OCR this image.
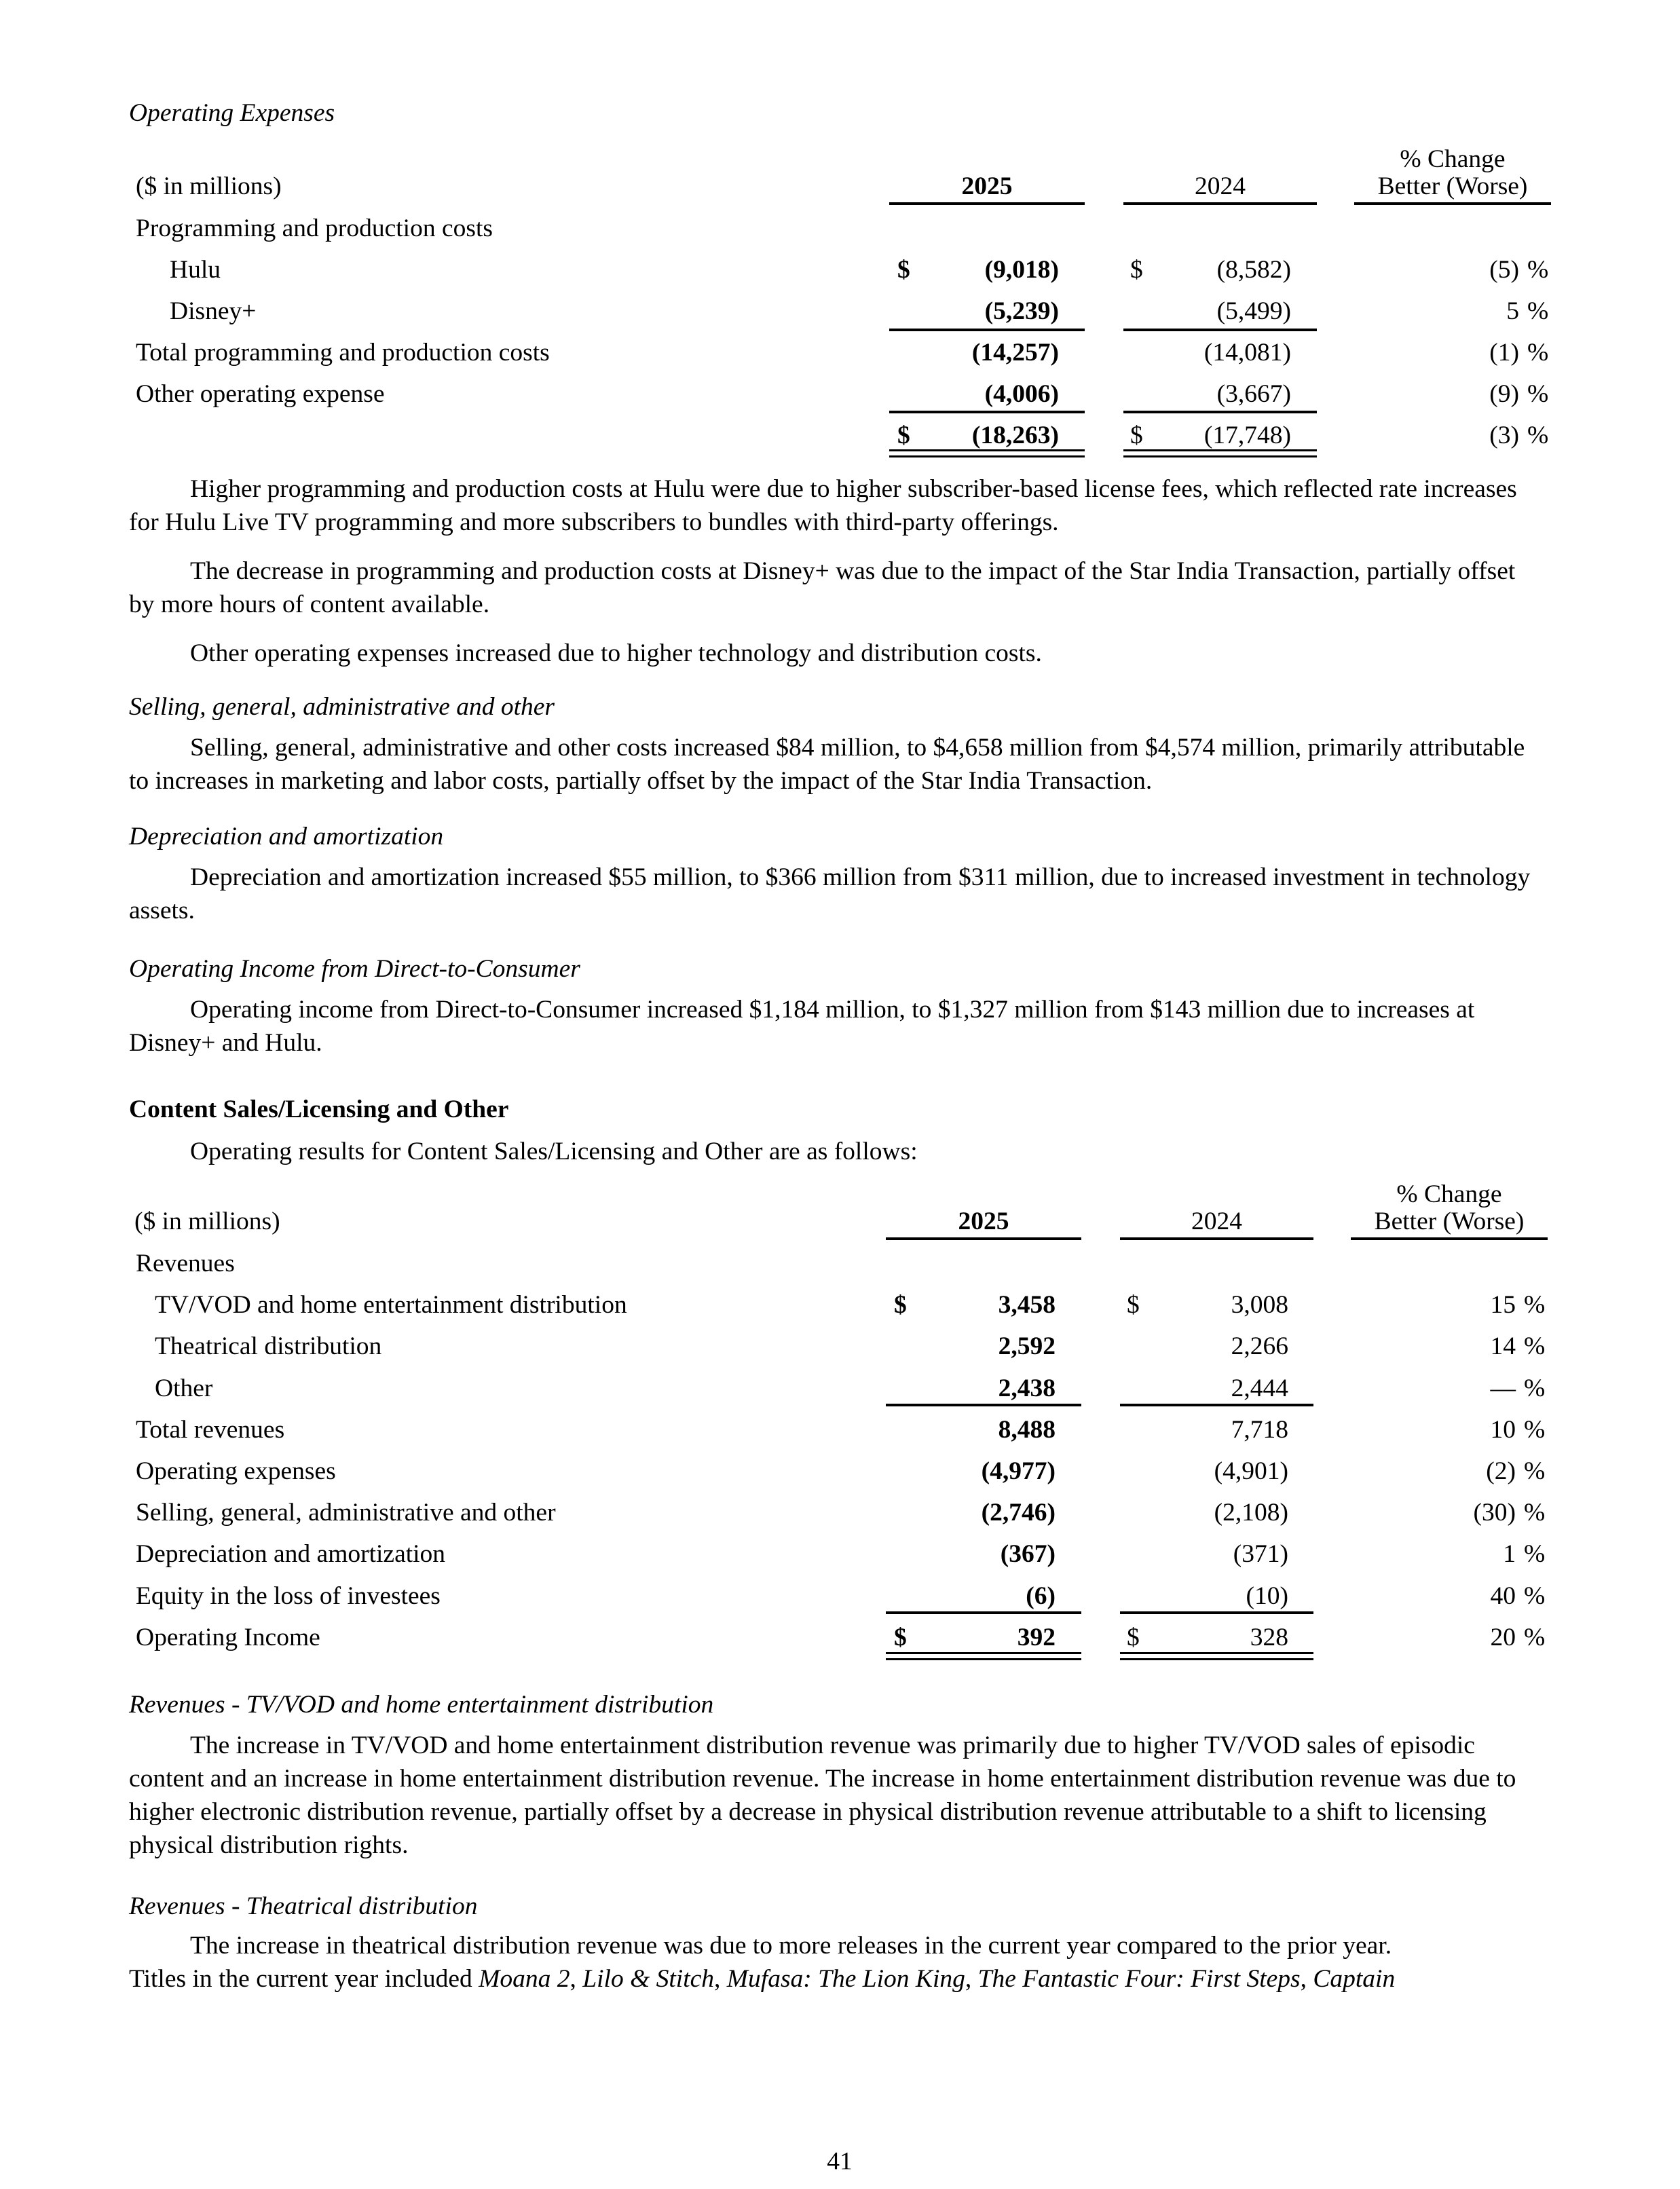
Operating Expenses
% Change
($ in millions)	2025	2024	Better (Worse)
Programming and production costs
Hulu	$	(9,018)	$	(8,582)	(5) %
Disney+	(5,239)	(5,499)	5 %
Total programming and production costs	(14,257)	(14,081)	(1) %
Other operating expense	(4,006)	(3,667)	(9) %
$	(18,263)	$	(17,748)	(3) %
Higher programming and production costs at Hulu were due to higher subscriber-based license fees, which reflected rate increases for Hulu Live TV programming and more subscribers to bundles with third-party offerings.
The decrease in programming and production costs at Disney+ was due to the impact of the Star India Transaction, partially offset by more hours of content available.
Other operating expenses increased due to higher technology and distribution costs.
Selling, general, administrative and other
Selling, general, administrative and other costs increased $84 million, to $4,658 million from $4,574 million, primarily attributable to increases in marketing and labor costs, partially offset by the impact of the Star India Transaction.
Depreciation and amortization
Depreciation and amortization increased $55 million, to $366 million from $311 million, due to increased investment in technology assets.
Operating Income from Direct-to-Consumer
Operating income from Direct-to-Consumer increased $1,184 million, to $1,327 million from $143 million due to increases at Disney+ and Hulu.
Content Sales/Licensing and Other
Operating results for Content Sales/Licensing and Other are as follows:
% Change
($ in millions)	2025	2024	Better (Worse)
Revenues
TV/VOD and home entertainment distribution	$	3,458	$	3,008	15 %
Theatrical distribution	2,592	2,266	14 %
Other	2,438	2,444	— %
Total revenues	8,488	7,718	10 %
Operating expenses	(4,977)	(4,901)	(2) %
Selling, general, administrative and other	(2,746)	(2,108)	(30) %
Depreciation and amortization	(367)	(371)	1 %
Equity in the loss of investees	(6)	(10)	40 %
Operating Income	$	392	$	328	20 %
Revenues - TV/VOD and home entertainment distribution
The increase in TV/VOD and home entertainment distribution revenue was primarily due to higher TV/VOD sales of episodic content and an increase in home entertainment distribution revenue. The increase in home entertainment distribution revenue was due to higher electronic distribution revenue, partially offset by a decrease in physical distribution revenue attributable to a shift to licensing physical distribution rights.
Revenues - Theatrical distribution
The increase in theatrical distribution revenue was due to more releases in the current year compared to the prior year.
Titles in the current year included Moana 2, Lilo & Stitch, Mufasa: The Lion King, The Fantastic Four: First Steps, Captain
41
